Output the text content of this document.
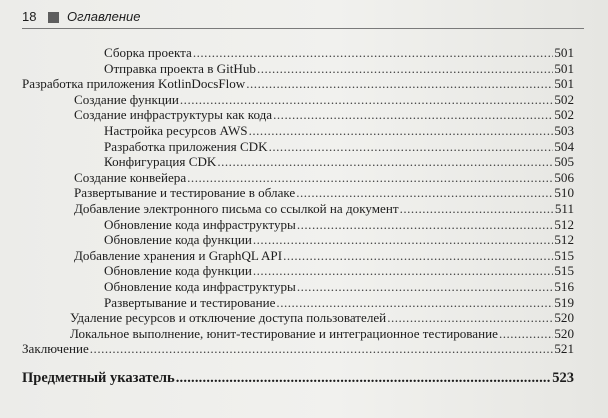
18 Оглавление
Сборка проекта .....	501
Отправка проекта в GitHub .....	501
Разработка приложения KotlinDocsFlow .....	501
Создание функции .....	502
Создание инфраструктуры как кода .....	502
Настройка ресурсов AWS .....	503
Разработка приложения CDK .....	504
Конфигурация CDK .....	505
Создание конвейера .....	506
Развертывание и тестирование в облаке .....	510
Добавление электронного письма со ссылкой на документ .....	511
Обновление кода инфраструктуры .....	512
Обновление кода функции .....	512
Добавление хранения и GraphQL API .....	515
Обновление кода функции .....	515
Обновление кода инфраструктуры .....	516
Развертывание и тестирование .....	519
Удаление ресурсов и отключение доступа пользователей .....	520
Локальное выполнение, юнит-тестирование и интеграционное тестирование .....	520
Заключение .....	521
Предметный указатель .....	523
